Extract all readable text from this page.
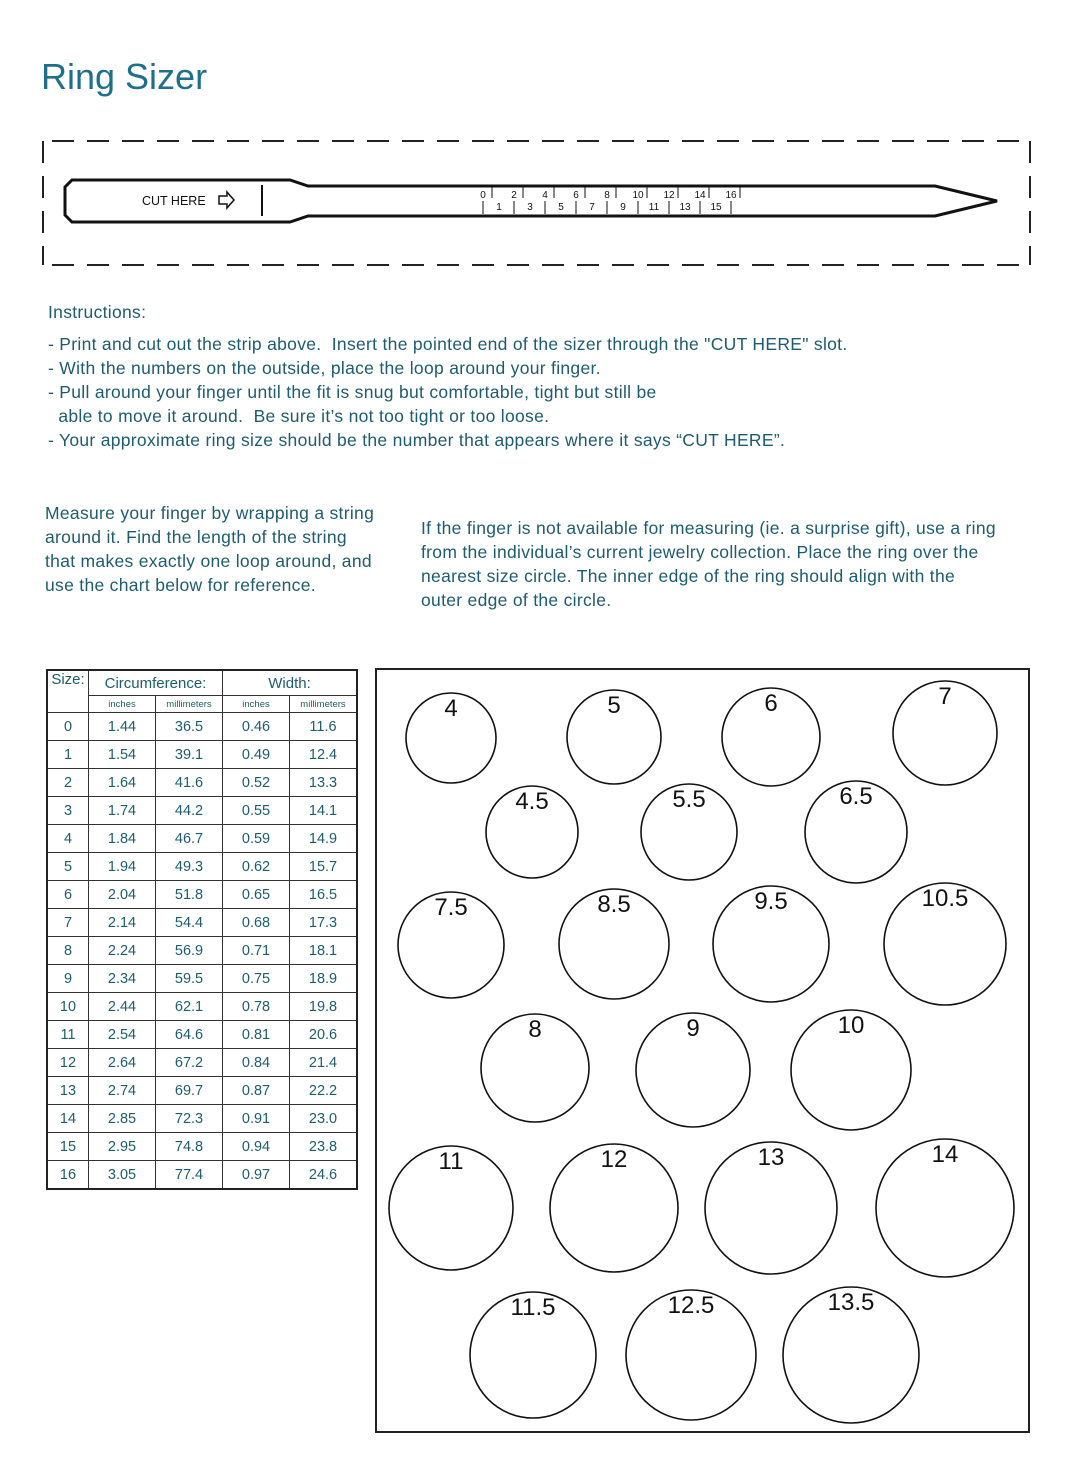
Ring Sizer
CUT HERE	0	2	4	6	8 10 12 14 16
1	3	5	7	9 11 13 15
Instructions:
- Print and cut out the strip above.  Insert the pointed end of the sizer through the "CUT HERE" slot.
- With the numbers on the outside, place the loop around your finger.
- Pull around your finger until the fit is snug but comfortable, tight but still be
able to move it around.  Be sure it’s not too tight or too loose.
- Your approximate ring size should be the number that appears where it says “CUT HERE”.
Measure your finger by wrapping a string around it. Find the length of the string that makes exactly one loop around, and use the chart below for reference.
If the finger is not available for measuring (ie. a surprise gift), use a ring from the individual’s current jewelry collection. Place the ring over the nearest size circle. The inner edge of the ring should align with the outer edge of the circle.
Size:	Circumference:		Width:	
	inches	millimeters	inches	millimeters
0	1.44	36.5	0.46	11.6
1	1.54	39.1	0.49	12.4
2	1.64	41.6	0.52	13.3
3	1.74	44.2	0.55	14.1
4	1.84	46.7	0.59	14.9
5	1.94	49.3	0.62	15.7
6	2.04	51.8	0.65	16.5
7	2.14	54.4	0.68	17.3
8	2.24	56.9	0.71	18.1
9	2.34	59.5	0.75	18.9
10	2.44	62.1	0.78	19.8
11	2.54	64.6	0.81	20.6
12	2.64	67.2	0.84	21.4
13	2.74	69.7	0.87	22.2
14	2.85	72.3	0.91	23.0
15	2.95	74.8	0.94	23.8
16	3.05	77.4	0.97	24.6
4	5	6	7
4.5	5.5	6.5
7.5	8.5	9.5	10.5
8	9	10
11	12	13	14
11.5	12.5	13.5
